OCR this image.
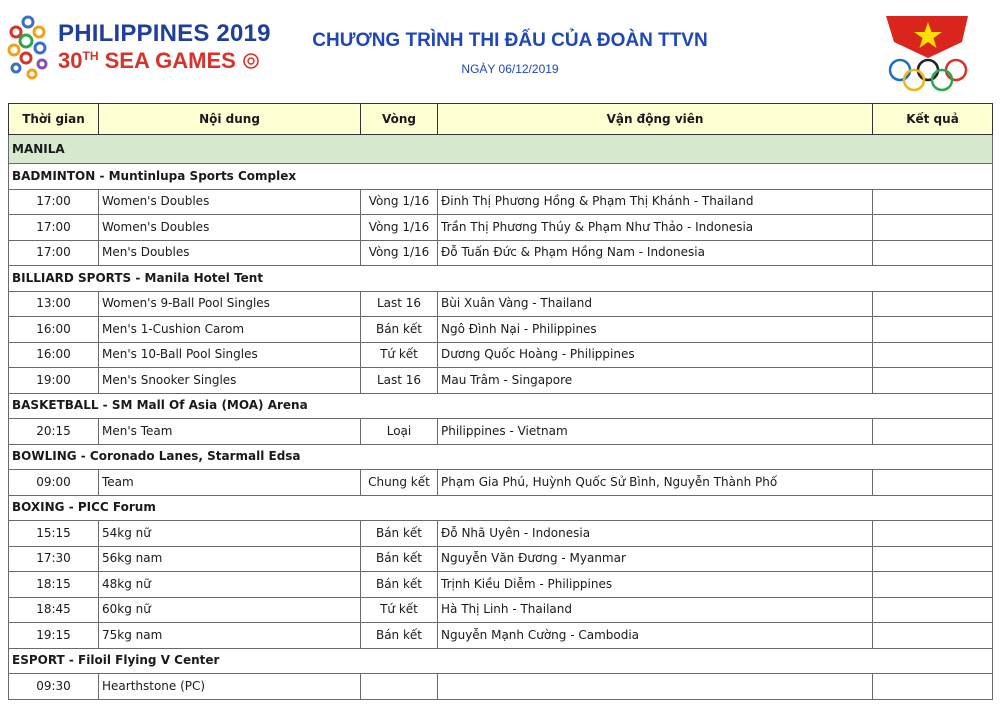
PHILIPPINES 2019
30TH SEA GAMES
CHƯƠNG TRÌNH THI ĐẤU CỦA ĐOÀN TTVN
NGÀY 06/12/2019
Thời gian	Nội dung	Vòng	Vận động viên	Kết quả
MANILA				
BADMINTON - Muntinlupa Sports Complex				
17:00	Women's Doubles	Vòng 1/16	Đinh Thị Phương Hồng & Phạm Thị Khánh - Thailand	
17:00	Women's Doubles	Vòng 1/16	Trần Thị Phương Thúy & Phạm Như Thảo - Indonesia	
17:00	Men's Doubles	Vòng 1/16	Đỗ Tuấn Đức & Phạm Hồng Nam - Indonesia	
BILLIARD SPORTS - Manila Hotel Tent				
13:00	Women's 9-Ball Pool Singles	Last 16	Bùi Xuân Vàng - Thailand	
16:00	Men's 1-Cushion Carom	Bán kết	Ngô Đình Nại - Philippines	
16:00	Men's 10-Ball Pool Singles	Tứ kết	Dương Quốc Hoàng - Philippines	
19:00	Men's Snooker Singles	Last 16	Mau Trâm - Singapore	
BASKETBALL - SM Mall Of Asia (MOA) Arena				
20:15	Men's Team	Loại	Philippines - Vietnam	
BOWLING - Coronado Lanes, Starmall Edsa				
09:00	Team	Chung kết	Phạm Gia Phú, Huỳnh Quốc Sử Bình, Nguyễn Thành Phố	
BOXING - PICC Forum				
15:15	54kg nữ	Bán kết	Đỗ Nhã Uyên - Indonesia	
17:30	56kg nam	Bán kết	Nguyễn Văn Đương - Myanmar	
18:15	48kg nữ	Bán kết	Trịnh Kiều Diễm - Philippines	
18:45	60kg nữ	Tứ kết	Hà Thị Linh - Thailand	
19:15	75kg nam	Bán kết	Nguyễn Mạnh Cường - Cambodia	
ESPORT - Filoil Flying V Center				
09:30	Hearthstone (PC)			
